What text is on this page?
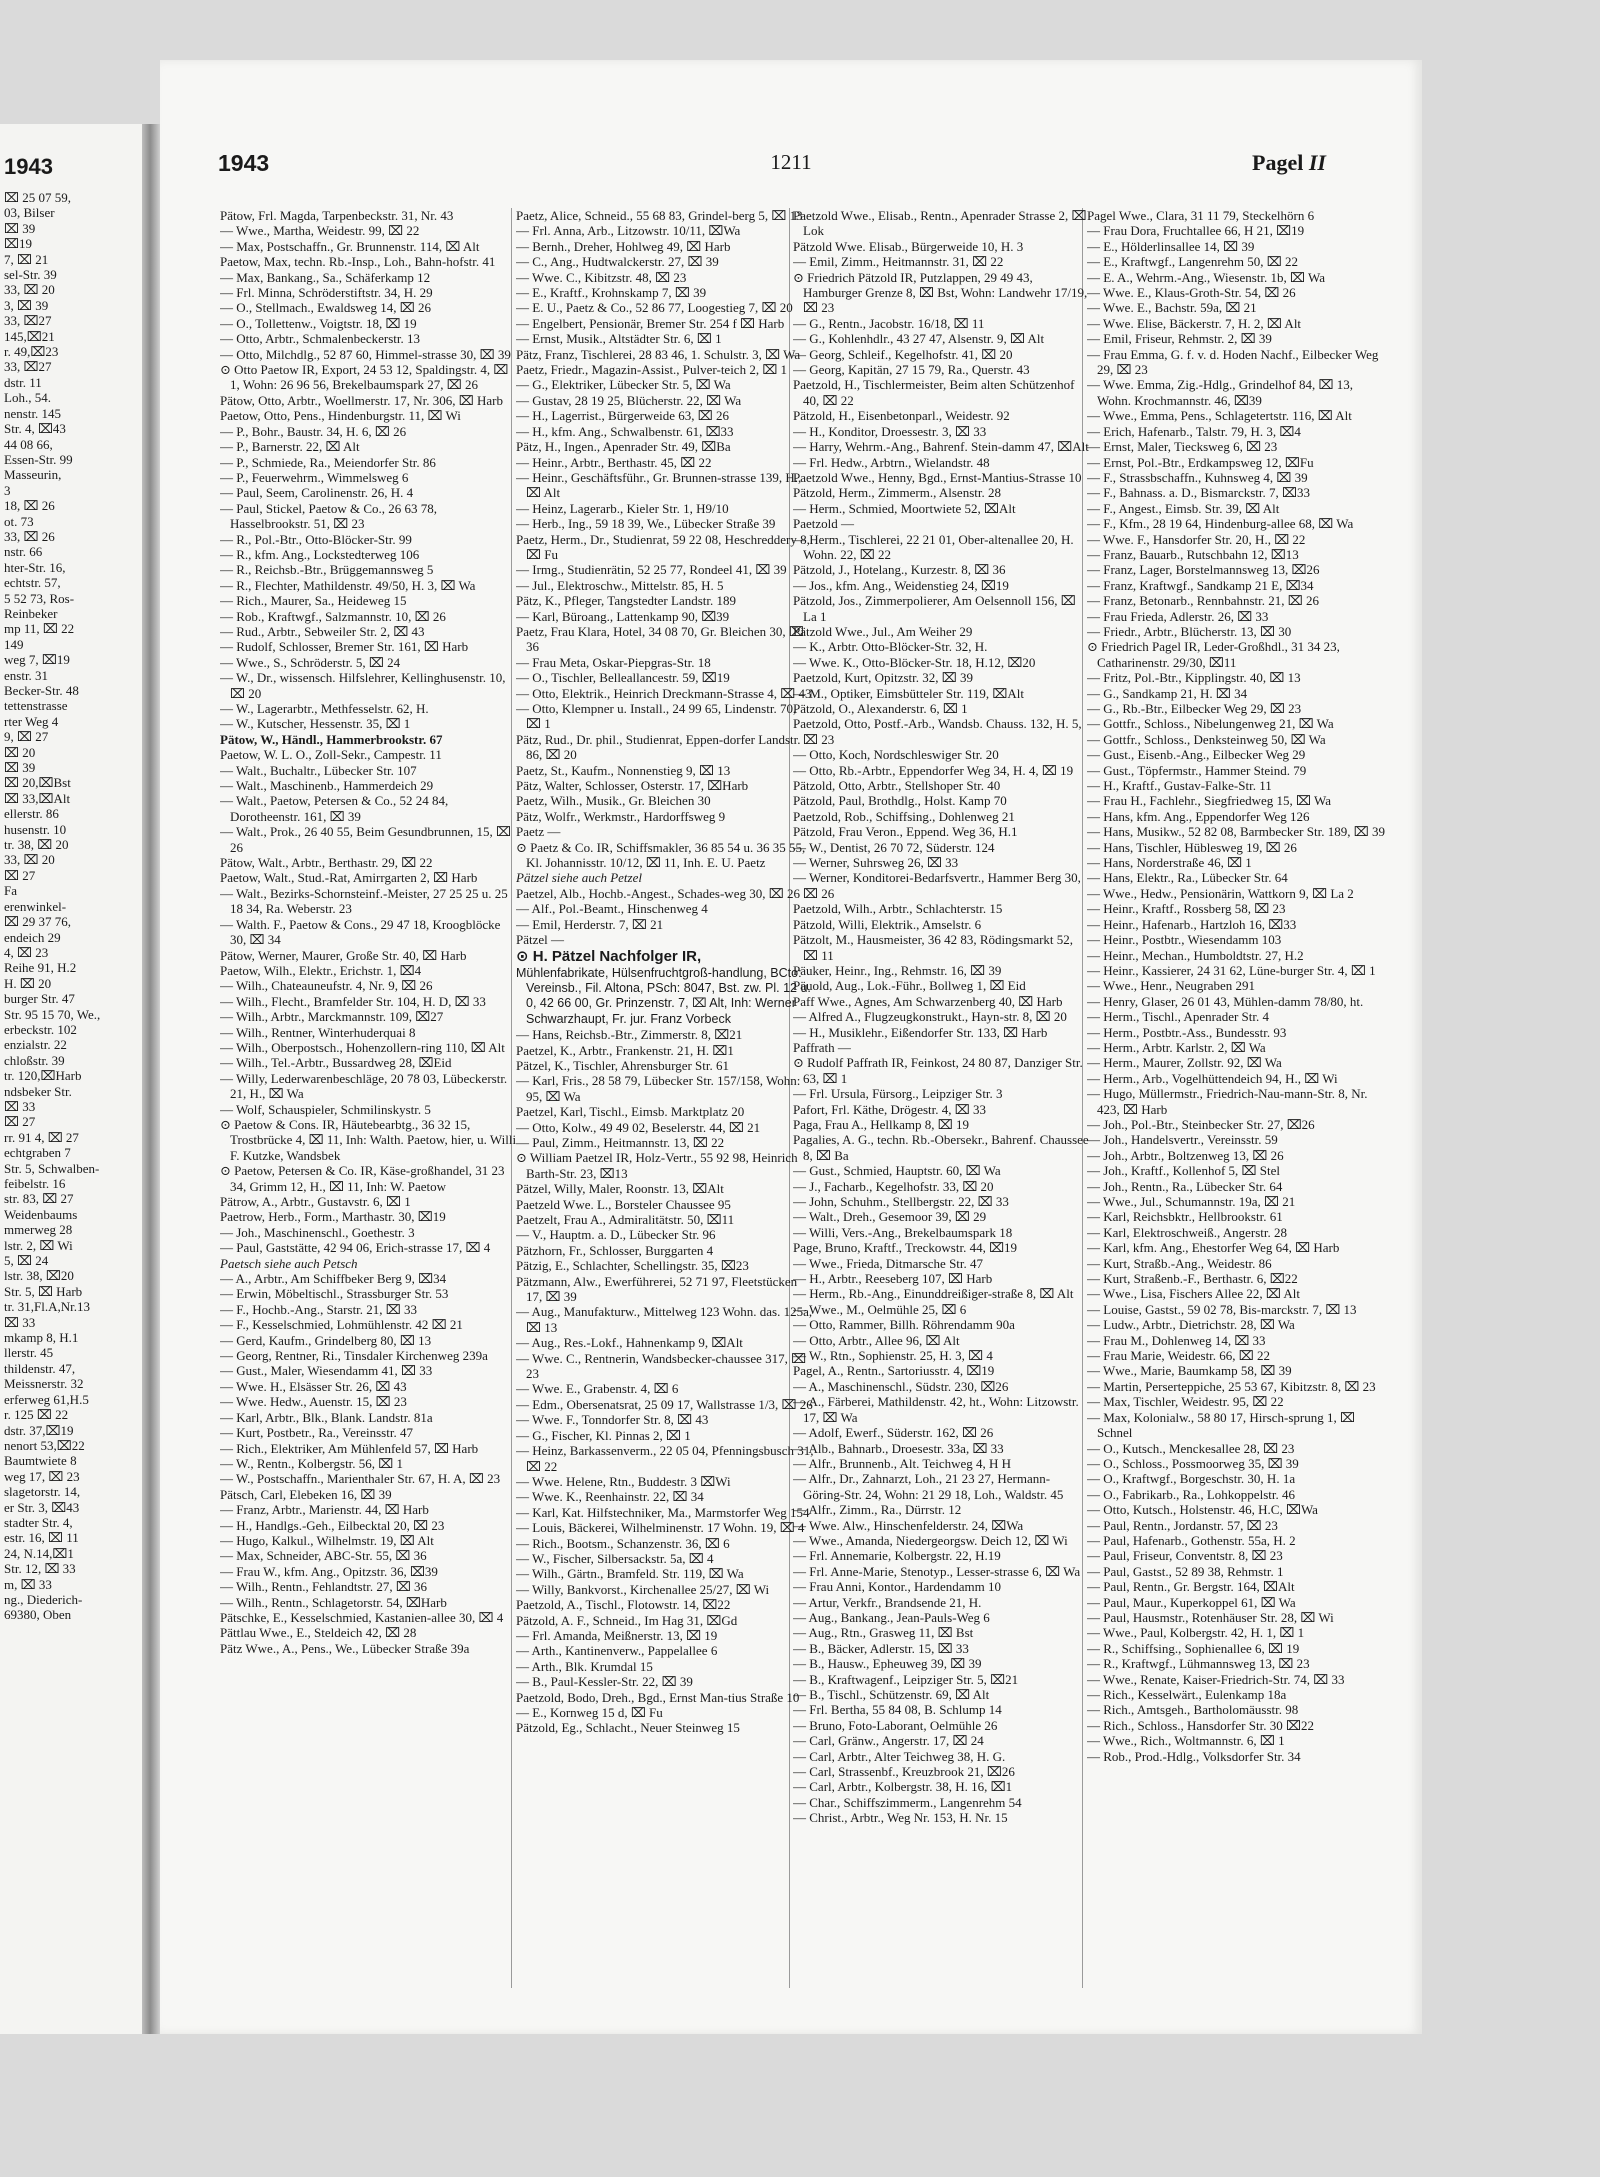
1943
⌧ 25 07 59,
03, Bilser
⌧ 39
⌧19
7, ⌧ 21
sel-Str. 39
33, ⌧ 20
3, ⌧ 39
33, ⌧27
145,⌧21
r. 49,⌧23
33, ⌧27
dstr. 11
Loh., 54.
nenstr. 145
Str. 4, ⌧43
44 08 66,
Essen-Str. 99
Masseurin,
3
18, ⌧ 26
ot. 73
33, ⌧ 26
nstr. 66
hter-Str. 16,
echtstr. 57,
5 52 73, Ros-
Reinbeker
mp 11, ⌧ 22
149
weg 7, ⌧19
enstr. 31
Becker-Str. 48
tettenstrasse
rter Weg 4
9, ⌧ 27
⌧ 20
⌧ 39
⌧ 20,⌧Bst
⌧ 33,⌧Alt
ellerstr. 86
husenstr. 10
tr. 38, ⌧ 20
33, ⌧ 20
⌧ 27
Fa
erenwinkel-
⌧ 29 37 76,
endeich 29
4, ⌧ 23
Reihe 91, H.2
H. ⌧ 20
burger Str. 47
Str. 95 15 70, We.,
erbeckstr. 102
enzialstr. 22
chloßstr. 39
tr. 120,⌧Harb
ndsbeker Str.
⌧ 33
⌧ 27
rr. 91 4, ⌧ 27
echtgraben 7
Str. 5, Schwalben-
feibelstr. 16
str. 83, ⌧ 27
Weidenbaums
mmerweg 28
lstr. 2, ⌧ Wi
5, ⌧ 24
lstr. 38, ⌧20
Str. 5, ⌧ Harb
tr. 31,Fl.A,Nr.13
⌧ 33
mkamp 8, H.1
llerstr. 45
thildenstr. 47,
Meissnerstr. 32
erferweg 61,H.5
r. 125 ⌧ 22
dstr. 37,⌧19
nenort 53,⌧22
Baumtwiete 8
weg 17, ⌧ 23
slagetorstr. 14,
er Str. 3, ⌧43
stadter Str. 4,
estr. 16, ⌧ 11
24, N.14,⌧1
Str. 12, ⌧ 33
m, ⌧ 33
ng., Diederich-
69380, Oben
1943	1211	Pagel II

Pätow, Frl. Magda, Tarpenbeckstr. 31, Nr. 43

— Wwe., Martha, Weidestr. 99, ⌧ 22

— Max, Postschaffn., Gr. Brunnenstr. 114, ⌧ Alt

Paetow, Max, techn. Rb.-Insp., Loh., Bahn-hofstr. 41

— Max, Bankang., Sa., Schäferkamp 12

— Frl. Minna, Schröderstiftstr. 34, H. 29

— O., Stellmach., Ewaldsweg 14, ⌧ 26

— O., Tollettenw., Voigtstr. 18, ⌧ 19

— Otto, Arbtr., Schmalenbeckerstr. 13

— Otto, Milchdlg., 52 87 60, Himmel-strasse 30, ⌧ 39

⊙ Otto Paetow IR, Export, 24 53 12, Spaldingstr. 4, ⌧ 1, Wohn: 26 96 56, Brekelbaumspark 27, ⌧ 26

Pätow, Otto, Arbtr., Woellmerstr. 17, Nr. 306, ⌧ Harb

Paetow, Otto, Pens., Hindenburgstr. 11, ⌧ Wi

— P., Bohr., Baustr. 34, H. 6, ⌧ 26

— P., Barnerstr. 22, ⌧ Alt

— P., Schmiede, Ra., Meiendorfer Str. 86

— P., Feuerwehrm., Wimmelsweg 6

— Paul, Seem, Carolinenstr. 26, H. 4

— Paul, Stickel, Paetow & Co., 26 63 78, Hasselbrookstr. 51, ⌧ 23

— R., Pol.-Btr., Otto-Blöcker-Str. 99

— R., kfm. Ang., Lockstedterweg 106

— R., Reichsb.-Btr., Brüggemannsweg 5

— R., Flechter, Mathildenstr. 49/50, H. 3, ⌧ Wa

— Rich., Maurer, Sa., Heideweg 15

— Rob., Kraftwgf., Salzmannstr. 10, ⌧ 26

— Rud., Arbtr., Sebweiler Str. 2, ⌧ 43

— Rudolf, Schlosser, Bremer Str. 161, ⌧ Harb

— Wwe., S., Schröderstr. 5, ⌧ 24

— W., Dr., wissensch. Hilfslehrer, Kellinghusenstr. 10, ⌧ 20

— W., Lagerarbtr., Methfesselstr. 62, H.

— W., Kutscher, Hessenstr. 35, ⌧ 1

Pätow, W., Händl., Hammerbrookstr. 67

Paetow, W. L. O., Zoll-Sekr., Campestr. 11

— Walt., Buchaltr., Lübecker Str. 107

— Walt., Maschinenb., Hammerdeich 29

— Walt., Paetow, Petersen & Co., 52 24 84, Dorotheenstr. 161, ⌧ 39

— Walt., Prok., 26 40 55, Beim Gesundbrunnen, 15, ⌧ 26

Pätow, Walt., Arbtr., Berthastr. 29, ⌧ 22

Paetow, Walt., Stud.-Rat, Amirrgarten 2, ⌧ Harb

— Walt., Bezirks-Schornsteinf.-Meister, 27 25 25 u. 25 18 34, Ra. Weberstr. 23

— Walth. F., Paetow & Cons., 29 47 18, Kroogblöcke 30, ⌧ 34

Pätow, Werner, Maurer, Große Str. 40, ⌧ Harb

Paetow, Wilh., Elektr., Erichstr. 1, ⌧4

— Wilh., Chateauneufstr. 4, Nr. 9, ⌧ 26

— Wilh., Flecht., Bramfelder Str. 104, H. D, ⌧ 33

— Wilh., Arbtr., Marckmannstr. 109, ⌧27

— Wilh., Rentner, Winterhuderquai 8

— Wilh., Oberpostsch., Hohenzollern-ring 110, ⌧ Alt

— Wilh., Tel.-Arbtr., Bussardweg 28, ⌧Eid

— Willy, Lederwarenbeschläge, 20 78 03, Lübeckerstr. 21, H., ⌧ Wa

— Wolf, Schauspieler, Schmilinskystr. 5

⊙ Paetow & Cons. IR, Häutebearbtg., 36 32 15, Trostbrücke 4, ⌧ 11, Inh: Walth. Paetow, hier, u. Willi F. Kutzke, Wandsbek

⊙ Paetow, Petersen & Co. IR, Käse-großhandel, 31 23 34, Grimm 12, H., ⌧ 11, Inh: W. Paetow

Pätrow, A., Arbtr., Gustavstr. 6, ⌧ 1

Paetrow, Herb., Form., Marthastr. 30, ⌧19

— Joh., Maschinenschl., Goethestr. 3

— Paul, Gaststätte, 42 94 06, Erich-strasse 17, ⌧ 4

Paetsch siehe auch Petsch

— A., Arbtr., Am Schiffbeker Berg 9, ⌧34

— Erwin, Möbeltischl., Strassburger Str. 53

— F., Hochb.-Ang., Starstr. 21, ⌧ 33

— F., Kesselschmied, Lohmühlenstr. 42 ⌧ 21

— Gerd, Kaufm., Grindelberg 80, ⌧ 13

— Georg, Rentner, Ri., Tinsdaler Kirchenweg 239a

— Gust., Maler, Wiesendamm 41, ⌧ 33

— Wwe. H., Elsässer Str. 26, ⌧ 43

— Wwe. Hedw., Auenstr. 15, ⌧ 23

— Karl, Arbtr., Blk., Blank. Landstr. 81a

— Kurt, Postbetr., Ra., Vereinsstr. 47

— Rich., Elektriker, Am Mühlenfeld 57, ⌧ Harb

— W., Rentn., Kolbergstr. 56, ⌧ 1

— W., Postschaffn., Marienthaler Str. 67, H. A, ⌧ 23

Pätsch, Carl, Elebeken 16, ⌧ 39

— Franz, Arbtr., Marienstr. 44, ⌧ Harb

— H., Handlgs.-Geh., Eilbecktal 20, ⌧ 23

— Hugo, Kalkul., Wilhelmstr. 19, ⌧ Alt

— Max, Schneider, ABC-Str. 55, ⌧ 36

— Frau W., kfm. Ang., Opitzstr. 36, ⌧39

— Wilh., Rentn., Fehlandtstr. 27, ⌧ 36

— Wilh., Rentn., Schlagetorstr. 54, ⌧Harb

Pätschke, E., Kesselschmied, Kastanien-allee 30, ⌧ 4

Pättlau Wwe., E., Steldeich 42, ⌧ 28

Pätz Wwe., A., Pens., We., Lübecker Straße 39a

Paetz, Alice, Schneid., 55 68 83, Grindel-berg 5, ⌧ 13

— Frl. Anna, Arb., Litzowstr. 10/11, ⌧Wa

— Bernh., Dreher, Hohlweg 49, ⌧ Harb

— C., Ang., Hudtwalckerstr. 27, ⌧ 39

— Wwe. C., Kibitzstr. 48, ⌧ 23

— E., Kraftf., Krohnskamp 7, ⌧ 39

— E. U., Paetz & Co., 52 86 77, Loogestieg 7, ⌧ 20

— Engelbert, Pensionär, Bremer Str. 254 f ⌧ Harb

— Ernst, Musik., Altstädter Str. 6, ⌧ 1

Pätz, Franz, Tischlerei, 28 83 46, 1. Schulstr. 3, ⌧ Wa

Paetz, Friedr., Magazin-Assist., Pulver-teich 2, ⌧ 1

— G., Elektriker, Lübecker Str. 5, ⌧ Wa

— Gustav, 28 19 25, Blücherstr. 22, ⌧ Wa

— H., Lagerrist., Bürgerweide 63, ⌧ 26

— H., kfm. Ang., Schwalbenstr. 61, ⌧33

Pätz, H., Ingen., Apenrader Str. 49, ⌧Ba

— Heinr., Arbtr., Berthastr. 45, ⌧ 22

— Heinr., Geschäftsführ., Gr. Brunnen-strasse 139, H., ⌧ Alt

— Heinz, Lagerarb., Kieler Str. 1, H9/10

— Herb., Ing., 59 18 39, We., Lübecker Straße 39

Paetz, Herm., Dr., Studienrat, 59 22 08, Heschreddery 8, ⌧ Fu

— Irmg., Studienrätin, 52 25 77, Rondeel 41, ⌧ 39

— Jul., Elektroschw., Mittelstr. 85, H. 5

Pätz, K., Pfleger, Tangstedter Landstr. 189

— Karl, Büroang., Lattenkamp 90, ⌧39

Paetz, Frau Klara, Hotel, 34 08 70, Gr. Bleichen 30, ⌧ 36

— Frau Meta, Oskar-Piepgras-Str. 18

— O., Tischler, Belleallancestr. 59, ⌧19

— Otto, Elektrik., Heinrich Dreckmann-Strasse 4, ⌧ 43

— Otto, Klempner u. Install., 24 99 65, Lindenstr. 70, ⌧ 1

Pätz, Rud., Dr. phil., Studienrat, Eppen-dorfer Landstr. 86, ⌧ 20

Paetz, St., Kaufm., Nonnenstieg 9, ⌧ 13

Pätz, Walter, Schlosser, Osterstr. 17, ⌧Harb

Paetz, Wilh., Musik., Gr. Bleichen 30

Pätz, Wolfr., Werkmstr., Hardorffsweg 9

Paetz —

⊙ Paetz & Co. IR, Schiffsmakler, 36 85 54 u. 36 35 55, Kl. Johannisstr. 10/12, ⌧ 11, Inh. E. U. Paetz

Pätzel siehe auch Petzel

Paetzel, Alb., Hochb.-Angest., Schades-weg 30, ⌧ 26

— Alf., Pol.-Beamt., Hinschenweg 4

— Emil, Herderstr. 7, ⌧ 21

Pätzel —

⊙ H. Pätzel Nachfolger IR,

Mühlenfabrikate, Hülsenfruchtgroß-handlung, BCto: Vereinsb., Fil. Altona, PSch: 8047, Bst. zw. Pl. 12 u. 0, 42 66 00, Gr. Prinzenstr. 7, ⌧ Alt, Inh: Werner Schwarzhaupt, Fr. jur. Franz Vorbeck

— Hans, Reichsb.-Btr., Zimmerstr. 8, ⌧21

Paetzel, K., Arbtr., Frankenstr. 21, H. ⌧1

Pätzel, K., Tischler, Ahrensburger Str. 61

— Karl, Fris., 28 58 79, Lübecker Str. 157/158, Wohn: 95, ⌧ Wa

Paetzel, Karl, Tischl., Eimsb. Marktplatz 20

— Otto, Kolw., 49 49 02, Beselerstr. 44, ⌧ 21

— Paul, Zimm., Heitmannstr. 13, ⌧ 22

⊙ William Paetzel IR, Holz-Vertr., 55 92 98, Heinrich Barth-Str. 23, ⌧13

Pätzel, Willy, Maler, Roonstr. 13, ⌧Alt

Paetzeld Wwe. L., Borsteler Chaussee 95

Paetzelt, Frau A., Admiralitätstr. 50, ⌧11

— V., Hauptm. a. D., Lübecker Str. 96

Pätzhorn, Fr., Schlosser, Burggarten 4

Pätzig, E., Schlachter, Schellingstr. 35, ⌧23

Pätzmann, Alw., Ewerführerei, 52 71 97, Fleetstücken 17, ⌧ 39

— Aug., Manufakturw., Mittelweg 123 Wohn. das. 125a, ⌧ 13

— Aug., Res.-Lokf., Hahnenkamp 9, ⌧Alt

— Wwe. C., Rentnerin, Wandsbecker-chaussee 317, ⌧ 23

— Wwe. E., Grabenstr. 4, ⌧ 6

— Edm., Obersenatsrat, 25 09 17, Wallstrasse 1/3, ⌧ 26

— Wwe. F., Tonndorfer Str. 8, ⌧ 43

— G., Fischer, Kl. Pinnas 2, ⌧ 1

— Heinz, Barkassenverm., 22 05 04, Pfenningsbusch 31, ⌧ 22

— Wwe. Helene, Rtn., Buddestr. 3 ⌧Wi

— Wwe. K., Reenhainstr. 22, ⌧ 34

— Karl, Kat. Hilfstechniker, Ma., Marmstorfer Weg 154

— Louis, Bäckerei, Wilhelminenstr. 17 Wohn. 19, ⌧ 4

— Rich., Bootsm., Schanzenstr. 36, ⌧ 6

— W., Fischer, Silbersackstr. 5a, ⌧ 4

— Wilh., Gärtn., Bramfeld. Str. 119, ⌧ Wa

— Willy, Bankvorst., Kirchenallee 25/27, ⌧ Wi

Paetzold, A., Tischl., Flotowstr. 14, ⌧22

Pätzold, A. F., Schneid., Im Hag 31, ⌧Gd

— Frl. Amanda, Meißnerstr. 13, ⌧ 19

— Arth., Kantinenverw., Pappelallee 6

— Arth., Blk. Krumdal 15

— B., Paul-Kessler-Str. 22, ⌧ 39

Paetzold, Bodo, Dreh., Bgd., Ernst Man-tius Straße 10

— E., Kornweg 15 d, ⌧ Fu

Pätzold, Eg., Schlacht., Neuer Steinweg 15

Paetzold Wwe., Elisab., Rentn., Apenrader Strasse 2, ⌧ Lok

Pätzold Wwe. Elisab., Bürgerweide 10, H. 3

— Emil, Zimm., Heitmannstr. 31, ⌧ 22

⊙ Friedrich Pätzold IR, Putzlappen, 29 49 43, Hamburger Grenze 8, ⌧ Bst, Wohn: Landwehr 17/19, ⌧ 23

— G., Rentn., Jacobstr. 16/18, ⌧ 11

— G., Kohlenhdlr., 43 27 47, Alsenstr. 9, ⌧ Alt

— Georg, Schleif., Kegelhofstr. 41, ⌧ 20

— Georg, Kapitän, 27 15 79, Ra., Querstr. 43

Paetzold, H., Tischlermeister, Beim alten Schützenhof 40, ⌧ 22

Pätzold, H., Eisenbetonparl., Weidestr. 92

— H., Konditor, Droessestr. 3, ⌧ 33

— Harry, Wehrm.-Ang., Bahrenf. Stein-damm 47, ⌧Alt

— Frl. Hedw., Arbtrn., Wielandstr. 48

Paetzold Wwe., Henny, Bgd., Ernst-Mantius-Strasse 10

Pätzold, Herm., Zimmerm., Alsenstr. 28

— Herm., Schmied, Moortwiete 52, ⌧Alt

Paetzold —

— Herm., Tischlerei, 22 21 01, Ober-altenallee 20, H. Wohn. 22, ⌧ 22

Pätzold, J., Hotelang., Kurzestr. 8, ⌧ 36

— Jos., kfm. Ang., Weidenstieg 24, ⌧19

Pätzold, Jos., Zimmerpolierer, Am Oelsennoll 156, ⌧ La 1

Pätzold Wwe., Jul., Am Weiher 29

— K., Arbtr. Otto-Blöcker-Str. 32, H.

— Wwe. K., Otto-Blöcker-Str. 18, H.12, ⌧20

Paetzold, Kurt, Opitzstr. 32, ⌧ 39

— M., Optiker, Eimsbütteler Str. 119, ⌧Alt

Pätzold, O., Alexanderstr. 6, ⌧ 1

Paetzold, Otto, Postf.-Arb., Wandsb. Chauss. 132, H. 5, ⌧ 23

— Otto, Koch, Nordschleswiger Str. 20

— Otto, Rb.-Arbtr., Eppendorfer Weg 34, H. 4, ⌧ 19

Pätzold, Otto, Arbtr., Stellshoper Str. 40

Pätzold, Paul, Brothdlg., Holst. Kamp 70

Paetzold, Rob., Schiffsing., Dohlenweg 21

Pätzold, Frau Veron., Eppend. Weg 36, H.1

— W., Dentist, 26 70 72, Süderstr. 124

— Werner, Suhrsweg 26, ⌧ 33

— Werner, Konditorei-Bedarfsvertr., Hammer Berg 30, ⌧ 26

Paetzold, Wilh., Arbtr., Schlachterstr. 15

Pätzold, Willi, Elektrik., Amselstr. 6

Pätzolt, M., Hausmeister, 36 42 83, Rödingsmarkt 52, ⌧ 11

Päuker, Heinr., Ing., Rehmstr. 16, ⌧ 39

Päuold, Aug., Lok.-Führ., Bollweg 1, ⌧ Eid

Paff Wwe., Agnes, Am Schwarzenberg 40, ⌧ Harb

— Alfred A., Flugzeugkonstrukt., Hayn-str. 8, ⌧ 20

— H., Musiklehr., Eißendorfer Str. 133, ⌧ Harb

Paffrath —

⊙ Rudolf Paffrath IR, Feinkost, 24 80 87, Danziger Str. 63, ⌧ 1

— Frl. Ursula, Fürsorg., Leipziger Str. 3

Pafort, Frl. Käthe, Drögestr. 4, ⌧ 33

Paga, Frau A., Hellkamp 8, ⌧ 19

Pagalies, A. G., techn. Rb.-Obersekr., Bahrenf. Chaussee 8, ⌧ Ba

— Gust., Schmied, Hauptstr. 60, ⌧ Wa

— J., Facharb., Kegelhofstr. 33, ⌧ 20

— John, Schuhm., Stellbergstr. 22, ⌧ 33

— Walt., Dreh., Gesemoor 39, ⌧ 29

— Willi, Vers.-Ang., Brekelbaumspark 18

Page, Bruno, Kraftf., Treckowstr. 44, ⌧19

— Wwe., Frieda, Ditmarsche Str. 47

— H., Arbtr., Reeseberg 107, ⌧ Harb

— Herm., Rb.-Ang., Einunddreißiger-straße 8, ⌧ Alt

— Wwe., M., Oelmühle 25, ⌧ 6

— Otto, Rammer, Billh. Röhrendamm 90a

— Otto, Arbtr., Allee 96, ⌧ Alt

— W., Rtn., Sophienstr. 25, H. 3, ⌧ 4

Pagel, A., Rentn., Sartoriusstr. 4, ⌧19

— A., Maschinenschl., Südstr. 230, ⌧26

— A., Färberei, Mathildenstr. 42, ht., Wohn: Litzowstr. 17, ⌧ Wa

— Adolf, Ewerf., Süderstr. 162, ⌧ 26

— Alb., Bahnarb., Droesestr. 33a, ⌧ 33

— Alfr., Brunnenb., Alt. Teichweg 4, H H

— Alfr., Dr., Zahnarzt, Loh., 21 23 27, Hermann-Göring-Str. 24, Wohn: 21 29 18, Loh., Waldstr. 45

— Alfr., Zimm., Ra., Dürrstr. 12

— Wwe. Alw., Hinschenfelderstr. 24, ⌧Wa

— Wwe., Amanda, Niedergeorgsw. Deich 12, ⌧ Wi

— Frl. Annemarie, Kolbergstr. 22, H.19

— Frl. Anne-Marie, Stenotyp., Lesser-strasse 6, ⌧ Wa

— Frau Anni, Kontor., Hardendamm 10

— Artur, Verkfr., Brandsende 21, H.

— Aug., Bankang., Jean-Pauls-Weg 6

— Aug., Rtn., Grasweg 11, ⌧ Bst

— B., Bäcker, Adlerstr. 15, ⌧ 33

— B., Hausw., Epheuweg 39, ⌧ 39

— B., Kraftwagenf., Leipziger Str. 5, ⌧21

— B., Tischl., Schützenstr. 69, ⌧ Alt

— Frl. Bertha, 55 84 08, B. Schlump 14

— Bruno, Foto-Laborant, Oelmühle 26

— Carl, Gränw., Angerstr. 17, ⌧ 24

— Carl, Arbtr., Alter Teichweg 38, H. G.

— Carl, Strassenbf., Kreuzbrook 21, ⌧26

— Carl, Arbtr., Kolbergstr. 38, H. 16, ⌧1

— Char., Schiffszimmerm., Langenrehm 54

— Christ., Arbtr., Weg Nr. 153, H. Nr. 15

Pagel Wwe., Clara, 31 11 79, Steckelhörn 6

— Frau Dora, Fruchtallee 66, H 21, ⌧19

— E., Hölderlinsallee 14, ⌧ 39

— E., Kraftwgf., Langenrehm 50, ⌧ 22

— E. A., Wehrm.-Ang., Wiesenstr. 1b, ⌧ Wa

— Wwe. E., Klaus-Groth-Str. 54, ⌧ 26

— Wwe. E., Bachstr. 59a, ⌧ 21

— Wwe. Elise, Bäckerstr. 7, H. 2, ⌧ Alt

— Emil, Friseur, Rehmstr. 2, ⌧ 39

— Frau Emma, G. f. v. d. Hoden Nachf., Eilbecker Weg 29, ⌧ 23

— Wwe. Emma, Zig.-Hdlg., Grindelhof 84, ⌧ 13, Wohn. Krochmannstr. 46, ⌧39

— Wwe., Emma, Pens., Schlagetertstr. 116, ⌧ Alt

— Erich, Hafenarb., Talstr. 79, H. 3, ⌧4

— Ernst, Maler, Tiecksweg 6, ⌧ 23

— Ernst, Pol.-Btr., Erdkampsweg 12, ⌧Fu

— F., Strassbschaffn., Kuhnsweg 4, ⌧ 39

— F., Bahnass. a. D., Bismarckstr. 7, ⌧33

— F., Angest., Eimsb. Str. 39, ⌧ Alt

— F., Kfm., 28 19 64, Hindenburg-allee 68, ⌧ Wa

— Wwe. F., Hansdorfer Str. 20, H., ⌧ 22

— Franz, Bauarb., Rutschbahn 12, ⌧13

— Franz, Lager, Borstelmannsweg 13, ⌧26

— Franz, Kraftwgf., Sandkamp 21 E, ⌧34

— Franz, Betonarb., Rennbahnstr. 21, ⌧ 26

— Frau Frieda, Adlerstr. 26, ⌧ 33

— Friedr., Arbtr., Blücherstr. 13, ⌧ 30

⊙ Friedrich Pagel IR, Leder-Großhdl., 31 34 23, Catharinenstr. 29/30, ⌧11

— Fritz, Pol.-Btr., Kipplingstr. 40, ⌧ 13

— G., Sandkamp 21, H. ⌧ 34

— G., Rb.-Btr., Eilbecker Weg 29, ⌧ 23

— Gottfr., Schloss., Nibelungenweg 21, ⌧ Wa

— Gottfr., Schloss., Denksteinweg 50, ⌧ Wa

— Gust., Eisenb.-Ang., Eilbecker Weg 29

— Gust., Töpfermstr., Hammer Steind. 79

— H., Kraftf., Gustav-Falke-Str. 11

— Frau H., Fachlehr., Siegfriedweg 15, ⌧ Wa

— Hans, kfm. Ang., Eppendorfer Weg 126

— Hans, Musikw., 52 82 08, Barmbecker Str. 189, ⌧ 39

— Hans, Tischler, Hüblesweg 19, ⌧ 26

— Hans, Norderstraße 46, ⌧ 1

— Hans, Elektr., Ra., Lübecker Str. 64

— Wwe., Hedw., Pensionärin, Wattkorn 9, ⌧ La 2

— Heinr., Kraftf., Rossberg 58, ⌧ 23

— Heinr., Hafenarb., Hartzloh 16, ⌧33

— Heinr., Postbtr., Wiesendamm 103

— Heinr., Mechan., Humboldtstr. 27, H.2

— Heinr., Kassierer, 24 31 62, Lüne-burger Str. 4, ⌧ 1

— Wwe., Henr., Neugraben 291

— Henry, Glaser, 26 01 43, Mühlen-damm 78/80, ht.

— Herm., Tischl., Apenrader Str. 4

— Herm., Postbtr.-Ass., Bundesstr. 93

— Herm., Arbtr. Karlstr. 2, ⌧ Wa

— Herm., Maurer, Zollstr. 92, ⌧ Wa

— Herm., Arb., Vogelhüttendeich 94, H., ⌧ Wi

— Hugo, Müllermstr., Friedrich-Nau-mann-Str. 8, Nr. 423, ⌧ Harb

— Joh., Pol.-Btr., Steinbecker Str. 27, ⌧26

— Joh., Handelsvertr., Vereinsstr. 59

— Joh., Arbtr., Boltzenweg 13, ⌧ 26

— Joh., Kraftf., Kollenhof 5, ⌧ Stel

— Joh., Rentn., Ra., Lübecker Str. 64

— Wwe., Jul., Schumannstr. 19a, ⌧ 21

— Karl, Reichsbktr., Hellbrookstr. 61

— Karl, Elektroschweiß., Angerstr. 28

— Karl, kfm. Ang., Ehestorfer Weg 64, ⌧ Harb

— Kurt, Straßb.-Ang., Weidestr. 86

— Kurt, Straßenb.-F., Berthastr. 6, ⌧22

— Wwe., Lisa, Fischers Allee 22, ⌧ Alt

— Louise, Gastst., 59 02 78, Bis-marckstr. 7, ⌧ 13

— Ludw., Arbtr., Dietrichstr. 28, ⌧ Wa

— Frau M., Dohlenweg 14, ⌧ 33

— Frau Marie, Weidestr. 66, ⌧ 22

— Wwe., Marie, Baumkamp 58, ⌧ 39

— Martin, Perserteppiche, 25 53 67, Kibitzstr. 8, ⌧ 23

— Max, Tischler, Weidestr. 95, ⌧ 22

— Max, Kolonialw., 58 80 17, Hirsch-sprung 1, ⌧ Schnel

— O., Kutsch., Menckesallee 28, ⌧ 23

— O., Schloss., Possmoorweg 35, ⌧ 39

— O., Kraftwgf., Borgeschstr. 30, H. 1a

— O., Fabrikarb., Ra., Lohkoppelstr. 46

— Otto, Kutsch., Holstenstr. 46, H.C, ⌧Wa

— Paul, Rentn., Jordanstr. 57, ⌧ 23

— Paul, Hafenarb., Gothenstr. 55a, H. 2

— Paul, Friseur, Conventstr. 8, ⌧ 23

— Paul, Gastst., 52 89 38, Rehmstr. 1

— Paul, Rentn., Gr. Bergstr. 164, ⌧Alt

— Paul, Maur., Kuperkoppel 61, ⌧ Wa

— Paul, Hausmstr., Rotenhäuser Str. 28, ⌧ Wi

— Wwe., Paul, Kolbergstr. 42, H. 1, ⌧ 1

— R., Schiffsing., Sophienallee 6, ⌧ 19

— R., Kraftwgf., Lühmannsweg 13, ⌧ 23

— Wwe., Renate, Kaiser-Friedrich-Str. 74, ⌧ 33

— Rich., Kesselwärt., Eulenkamp 18a

— Rich., Amtsgeh., Bartholomäusstr. 98

— Rich., Schloss., Hansdorfer Str. 30 ⌧22

— Wwe., Rich., Woltmannstr. 6, ⌧ 1

— Rob., Prod.-Hdlg., Volksdorfer Str. 34
